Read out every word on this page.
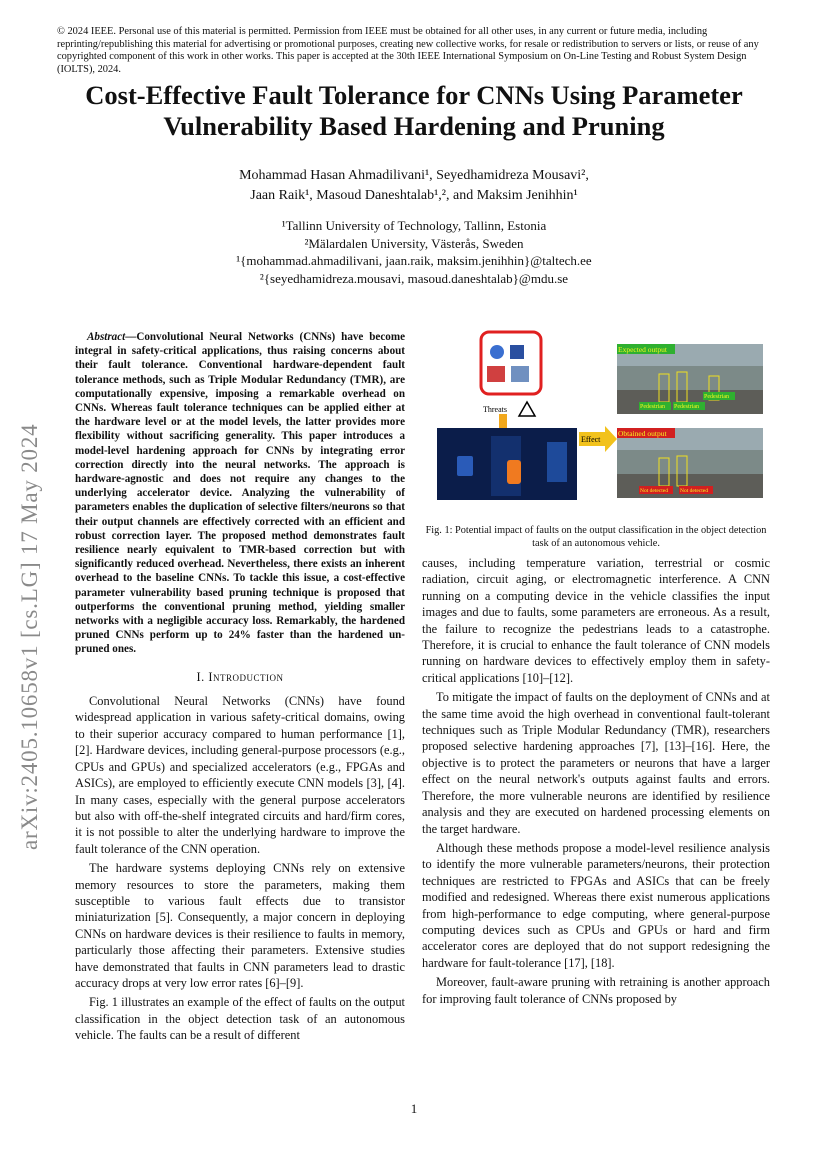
© 2024 IEEE. Personal use of this material is permitted. Permission from IEEE must be obtained for all other uses, in any current or future media, including reprinting/republishing this material for advertising or promotional purposes, creating new collective works, for resale or redistribution to servers or lists, or reuse of any copyrighted component of this work in other works. This paper is accepted at the 30th IEEE International Symposium on On-Line Testing and Robust System Design (IOLTS), 2024.
Cost-Effective Fault Tolerance for CNNs Using Parameter Vulnerability Based Hardening and Pruning
Mohammad Hasan Ahmadilivani¹, Seyedhamidreza Mousavi²,
Jaan Raik¹, Masoud Daneshtalab¹,², and Maksim Jenihhin¹
¹Tallinn University of Technology, Tallinn, Estonia
²Mälardalen University, Västerås, Sweden
¹{mohammad.ahmadilivani, jaan.raik, maksim.jenihhin}@taltech.ee
²{seyedhamidreza.mousavi, masoud.daneshtalab}@mdu.se
arXiv:2405.10658v1 [cs.LG] 17 May 2024

Abstract—Convolutional Neural Networks (CNNs) have become integral in safety-critical applications, thus raising concerns about their fault tolerance. Conventional hardware-dependent fault tolerance methods, such as Triple Modular Redundancy (TMR), are computationally expensive, imposing a remarkable overhead on CNNs. Whereas fault tolerance techniques can be applied either at the hardware level or at the model levels, the latter provides more flexibility without sacrificing generality. This paper introduces a model-level hardening approach for CNNs by integrating error correction directly into the neural networks. The approach is hardware-agnostic and does not require any changes to the underlying accelerator device. Analyzing the vulnerability of parameters enables the duplication of selective filters/neurons so that their output channels are effectively corrected with an efficient and robust correction layer. The proposed method demonstrates fault resilience nearly equivalent to TMR-based correction but with significantly reduced overhead. Nevertheless, there exists an inherent overhead to the baseline CNNs. To tackle this issue, a cost-effective parameter vulnerability based pruning technique is proposed that outperforms the conventional pruning method, yielding smaller networks with a negligible accuracy loss. Remarkably, the hardened pruned CNNs perform up to 24% faster than the hardened un-pruned ones.

I. Introduction

Convolutional Neural Networks (CNNs) have found widespread application in various safety-critical domains, owing to their superior accuracy compared to human performance [1], [2]. Hardware devices, including general-purpose processors (e.g., CPUs and GPUs) and specialized accelerators (e.g., FPGAs and ASICs), are employed to efficiently execute CNN models [3], [4]. In many cases, especially with the general purpose accelerators but also with off-the-shelf integrated circuits and hard/firm cores, it is not possible to alter the underlying hardware to improve the fault tolerance of the CNN operation.

The hardware systems deploying CNNs rely on extensive memory resources to store the parameters, making them susceptible to various fault effects due to transistor miniaturization [5]. Consequently, a major concern in deploying CNNs on hardware devices is their resilience to faults in memory, particularly those affecting their parameters. Extensive studies have demonstrated that faults in CNN parameters lead to drastic accuracy drops at very low error rates [6]–[9].

Fig. 1 illustrates an example of the effect of faults on the output classification in the object detection task of an autonomous vehicle. The faults can be a result of different

Threats
Effect
Expected output
Pedestrian Pedestrian
Pedestrian
Obtained output
Not detected Not detected
Fig. 1: Potential impact of faults on the output classification in the object detection task of an autonomous vehicle.

causes, including temperature variation, terrestrial or cosmic radiation, circuit aging, or electromagnetic interference. A CNN running on a computing device in the vehicle classifies the input images and due to faults, some parameters are erroneous. As a result, the failure to recognize the pedestrians leads to a catastrophe. Therefore, it is crucial to enhance the fault tolerance of CNN models running on hardware devices to effectively employ them in safety-critical applications [10]–[12].

To mitigate the impact of faults on the deployment of CNNs and at the same time avoid the high overhead in conventional fault-tolerant techniques such as Triple Modular Redundancy (TMR), researchers proposed selective hardening approaches [7], [13]–[16]. Here, the objective is to protect the parameters or neurons that have a larger effect on the neural network's outputs against faults and errors. Therefore, the more vulnerable neurons are identified by resilience analysis and they are executed on hardened processing elements on the target hardware.

Although these methods propose a model-level resilience analysis to identify the more vulnerable parameters/neurons, their protection techniques are restricted to FPGAs and ASICs that can be freely modified and redesigned. Whereas there exist numerous applications from high-performance to edge computing, where general-purpose computing devices such as CPUs and GPUs or hard and firm accelerator cores are deployed that do not support redesigning the hardware for fault-tolerance [17], [18].

Moreover, fault-aware pruning with retraining is another approach for improving fault tolerance of CNNs proposed by

1
